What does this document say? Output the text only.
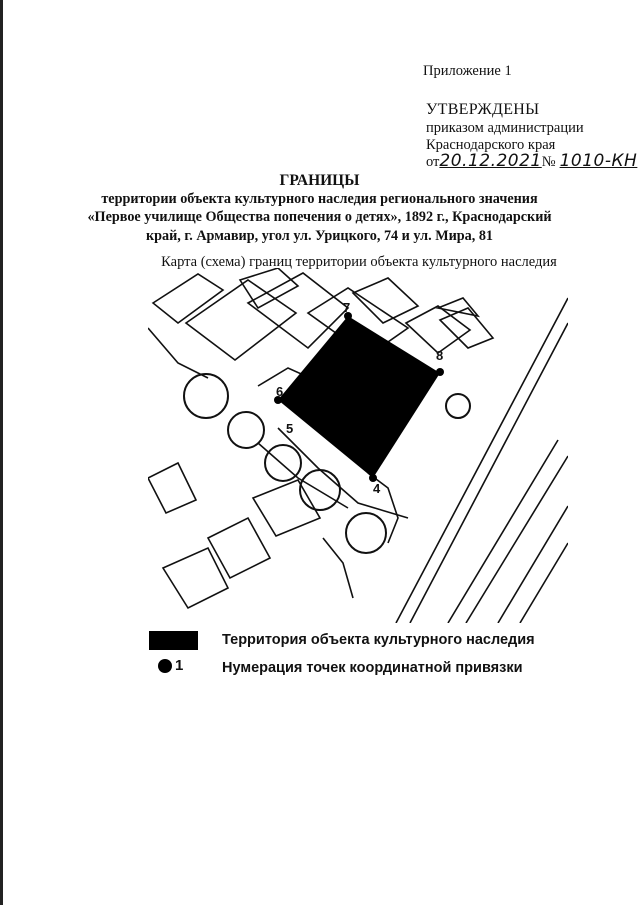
Приложение 1
УТВЕРЖДЕНЫ
приказом администрации
Краснодарского края
от20.12.2021№ 1010-КН
ГРАНИЦЫ
территории объекта культурного наследия регионального значения
«Первое училище Общества попечения о детях», 1892 г., Краснодарский
край, г. Армавир, угол ул. Урицкого, 74 и ул. Мира, 81
Карта (схема) границ территории объекта культурного наследия
7
8
6
5
4
Территория объекта культурного наследия
1	Нумерация точек координатной привязки
